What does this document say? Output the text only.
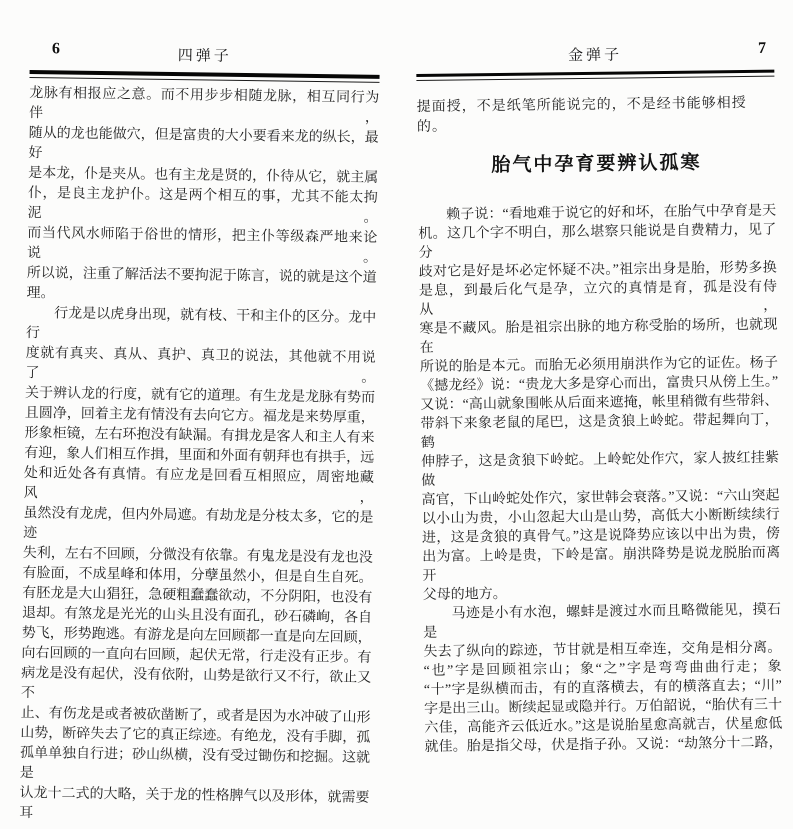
6	四弹子
龙脉有相报应之意。而不用步步相随龙脉，相互同行为伴，
随从的龙也能做穴，但是富贵的大小要看来龙的纵长，最好
是本龙，仆是夹从。也有主龙是贤的，仆待从它，就主属
仆，是良主龙护仆。这是两个相互的事，尤其不能太拘泥。
而当代风水师陷于俗世的情形，把主仆等级森严地来论说。
所以说，注重了解活法不要拘泥于陈言，说的就是这个道
理。
　　行龙是以虎身出现，就有枝、干和主仆的区分。龙中行
度就有真夹、真从、真护、真卫的说法，其他就不用说了。
关于辨认龙的行度，就有它的道理。有生龙是龙脉有势而
且圆净，回着主龙有情没有去向它方。福龙是来势厚重，
形象柜镜，左右环抱没有缺漏。有揖龙是客人和主人有来
有迎，象人们相互作揖，里面和外面有朝拜也有拱手，远
处和近处各有真情。有应龙是回看互相照应，周密地藏风，
虽然没有龙虎，但内外局遮。有劫龙是分枝太多，它的是迹
失利，左右不回顾，分微没有依靠。有鬼龙是没有龙也没
有脸面，不成星峰和体用，分孽虽然小，但是自生自死。
有胚龙是大山猖狂，急硬粗蠢蠢欲动，不分阴阳，也没有
退却。有煞龙是光光的山头且没有面孔，砂石磷峋，各自
势飞，形势跑逃。有游龙是向左回顾都一直是向左回顾，
向右回顾的一直向右回顾，起伏无常，行走没有正步。有
病龙是没有起伏，没有依附，山势是欲行又不行，欲止又不
止、有伤龙是或者被砍凿断了，或者是因为水冲破了山形
山势，断碎失去了它的真正综迹。有绝龙，没有手脚，孤
孤单单独自行进；砂山纵横，没有受过锄伤和挖掘。这就是
认龙十二式的大略，关于龙的性格脾气以及形体，就需要耳
金弹子	7
提面授，不是纸笔所能说完的，不是经书能够相授的。
胎气中孕育要辨认孤寒
　　赖子说：“看地难于说它的好和坏，在胎气中孕育是天
机。这几个字不明白，那么堪察只能说是自费精力，见了分
歧对它是好是坏必定怀疑不决。”祖宗出身是胎，形势多换
是息，到最后化气是孕，立穴的真情是育，孤是没有侍从，
寒是不藏风。胎是祖宗出脉的地方称受胎的场所，也就现在
所说的胎是本元。而胎无必须用崩洪作为它的证佐。杨子
《撼龙经》说：“贵龙大多是穿心而出，富贵只从傍上生。”
又说：“高山就象围帐从后面来遮掩，帐里稍微有些带斜、
带斜下来象老鼠的尾巴，这是贪狼上岭蛇。带起舞向丁，鹤
伸脖子，这是贪狼下岭蛇。上岭蛇处作穴，家人披红挂紫做
高官，下山岭蛇处作穴，家世韩会衰落。”又说：“六山突起
以小山为贵，小山忽起大山是山势，高低大小断断续续行
进，这是贪狼的真骨气。”这是说降势应该以中出为贵，傍
出为富。上岭是贵，下岭是富。崩洪降势是说龙脱胎而离开
父母的地方。
　　马迹是小有水泡，螺蚌是渡过水而且略微能见，摸石是
失去了纵向的踪迹，节甘就是相互牵连，交角是相分离。
“也”字是回顾祖宗山；象“之”字是弯弯曲曲行走；象
“十”字是纵横而击，有的直落横去，有的横落直去；“川”
字是出三山。断续起显或隐并行。万伯韶说，“胎伏有三十
六佳，高能齐云低近水。”这是说胎星愈高就吉，伏星愈低
就佳。胎是指父母，伏是指子孙。又说：“劫煞分十二路，
